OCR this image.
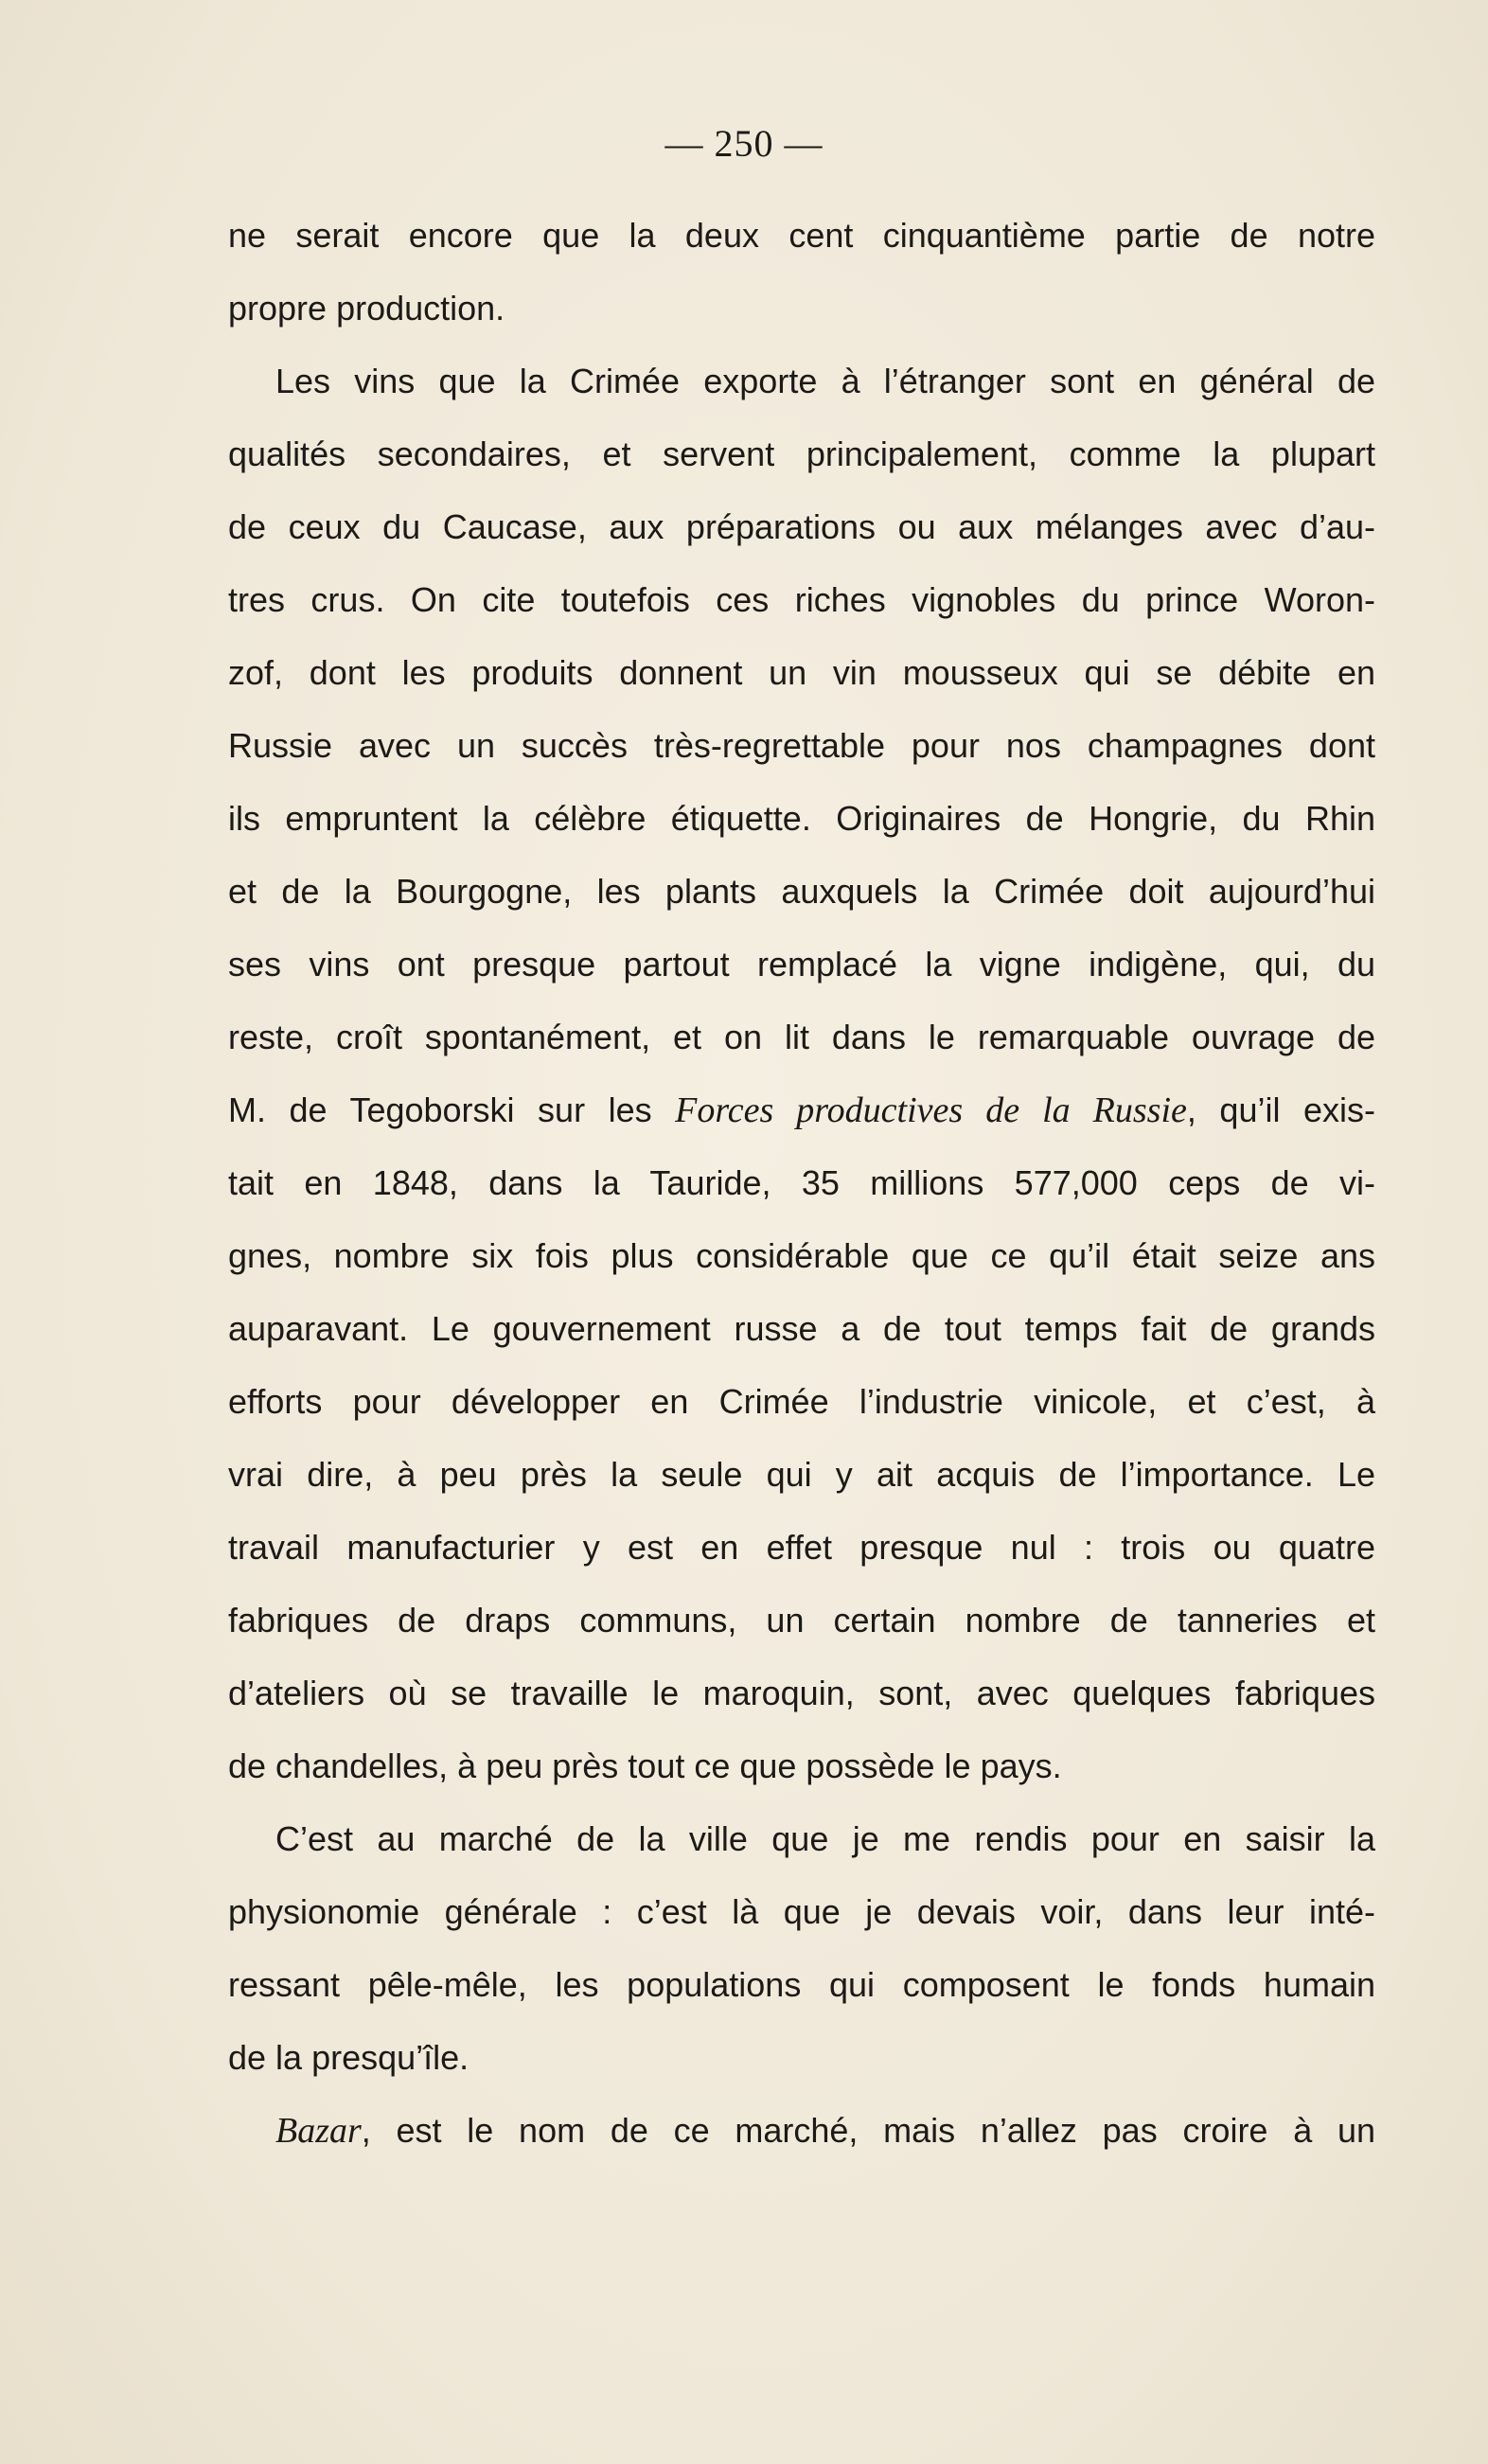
— 250 —
ne serait encore que la deux cent cinquantième partie de notre
propre production.
Les vins que la Crimée exporte à l’étranger sont en général de
qualités secondaires, et servent principalement, comme la plupart
de ceux du Caucase, aux préparations ou aux mélanges avec d’au-
tres crus. On cite toutefois ces riches vignobles du prince Woron-
zof, dont les produits donnent un vin mousseux qui se débite en
Russie avec un succès très-regrettable pour nos champagnes dont
ils empruntent la célèbre étiquette. Originaires de Hongrie, du Rhin
et de la Bourgogne, les plants auxquels la Crimée doit aujourd’hui
ses vins ont presque partout remplacé la vigne indigène, qui, du
reste, croît spontanément, et on lit dans le remarquable ouvrage de
M. de Tegoborski sur les Forces productives de la Russie, qu’il exis-
tait en 1848, dans la Tauride, 35 millions 577,000 ceps de vi-
gnes, nombre six fois plus considérable que ce qu’il était seize ans
auparavant. Le gouvernement russe a de tout temps fait de grands
efforts pour développer en Crimée l’industrie vinicole, et c’est, à
vrai dire, à peu près la seule qui y ait acquis de l’importance. Le
travail manufacturier y est en effet presque nul : trois ou quatre
fabriques de draps communs, un certain nombre de tanneries et
d’ateliers où se travaille le maroquin, sont, avec quelques fabriques
de chandelles, à peu près tout ce que possède le pays.
C’est au marché de la ville que je me rendis pour en saisir la
physionomie générale : c’est là que je devais voir, dans leur inté-
ressant pêle-mêle, les populations qui composent le fonds humain
de la presqu’île.
Bazar, est le nom de ce marché, mais n’allez pas croire à un
